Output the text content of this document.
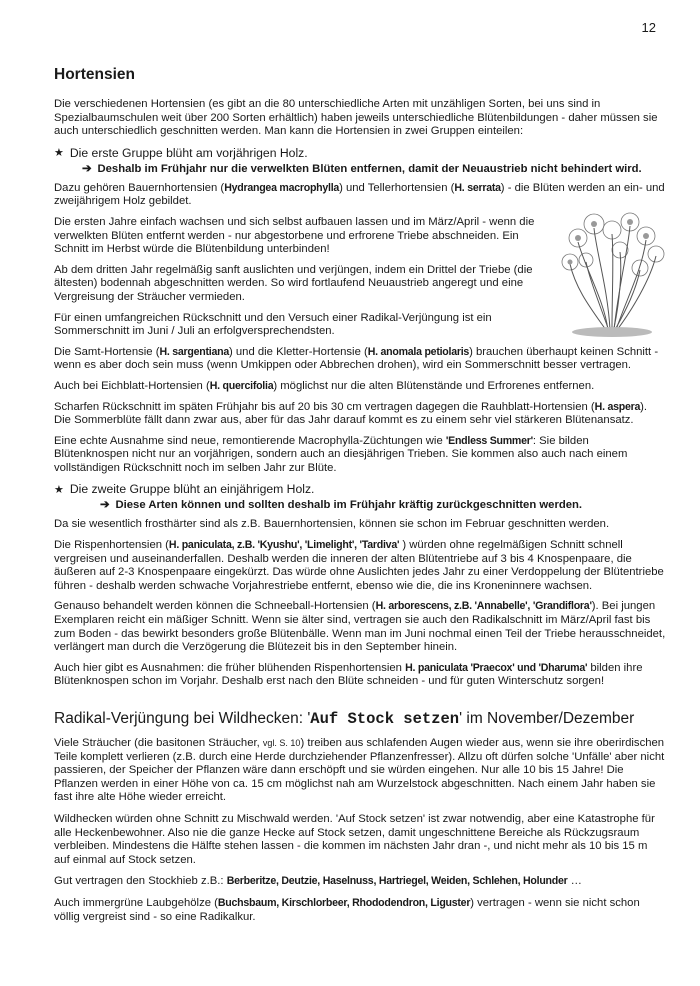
12
Hortensien

Die verschiedenen Hortensien (es gibt an die 80 unterschiedliche Arten mit unzähligen Sorten, bei uns sind in Spezialbaumschulen weit über 200 Sorten erhältlich) haben jeweils unterschiedliche Blütenbildungen - daher müssen sie auch unterschiedlich geschnitten werden. Man kann die Hortensien in zwei Gruppen einteilen:

★ Die erste Gruppe blüht am vorjährigen Holz.
➔ Deshalb im Frühjahr nur die verwelkten Blüten entfernen, damit der Neuaustrieb nicht behindert wird.

Dazu gehören Bauernhortensien (Hydrangea macrophylla) und Tellerhortensien (H. serrata) - die Blüten werden an ein- und zweijährigem Holz gebildet.

Die ersten Jahre einfach wachsen und sich selbst aufbauen lassen und im März/April - wenn die verwelkten Blüten entfernt werden - nur abgestorbene und erfrorene Triebe abschneiden. Ein Schnitt im Herbst würde die Blütenbildung unterbinden!

Ab dem dritten Jahr regelmäßig sanft auslichten und verjüngen, indem ein Drittel der Triebe (die ältesten) bodennah abgeschnitten werden. So wird fortlaufend Neuaustrieb angeregt und eine Vergreisung der Sträucher vermieden.

Für einen umfangreichen Rückschnitt und den Versuch einer Radikal-Verjüngung ist ein Sommerschnitt im Juni / Juli an erfolgversprechendsten.

Die Samt-Hortensie (H. sargentiana) und die Kletter-Hortensie (H. anomala petiolaris) brauchen überhaupt keinen Schnitt - wenn es aber doch sein muss (wenn Umkippen oder Abbrechen drohen), wird ein Sommerschnitt besser vertragen.

Auch bei Eichblatt-Hortensien (H. quercifolia) möglichst nur die alten Blütenstände und Erfrorenes entfernen.

Scharfen Rückschnitt im späten Frühjahr bis auf 20 bis 30 cm vertragen dagegen die Rauhblatt-Hortensien (H. aspera). Die Sommerblüte fällt dann zwar aus, aber für das Jahr darauf kommt es zu einem sehr viel stärkeren Blütenansatz.

Eine echte Ausnahme sind neue, remontierende Macrophylla-Züchtungen wie 'Endless Summer': Sie bilden Blütenknospen nicht nur an vorjährigen, sondern auch an diesjährigen Trieben. Sie kommen also auch nach einem vollständigen Rückschnitt noch im selben Jahr zur Blüte.

★ Die zweite Gruppe blüht an einjährigem Holz.
➔ Diese Arten können und sollten deshalb im Frühjahr kräftig zurückgeschnitten werden.

Da sie wesentlich frosthärter sind als z.B. Bauernhortensien, können sie schon im Februar geschnitten werden.

Die Rispenhortensien (H. paniculata, z.B. 'Kyushu', 'Limelight', 'Tardiva' ) würden ohne regelmäßigen Schnitt schnell vergreisen und auseinanderfallen. Deshalb werden die inneren der alten Blütentriebe auf 3 bis 4 Knospenpaare, die äußeren auf 2-3 Knospenpaare eingekürzt. Das würde ohne Auslichten jedes Jahr zu einer Verdoppelung der Blütentriebe führen - deshalb werden schwache Vorjahrestriebe entfernt, ebenso wie die, die ins Kroneninnere wachsen.

Genauso behandelt werden können die Schneeball-Hortensien (H. arborescens, z.B. 'Annabelle', 'Grandiflora'). Bei jungen Exemplaren reicht ein mäßiger Schnitt. Wenn sie älter sind, vertragen sie auch den Radikalschnitt im März/April fast bis zum Boden - das bewirkt besonders große Blütenbälle. Wenn man im Juni nochmal einen Teil der Triebe herausschneidet, verlängert man durch die Verzögerung die Blütezeit bis in den September hinein.

Auch hier gibt es Ausnahmen: die früher blühenden Rispenhortensien H. paniculata 'Praecox' und 'Dharuma' bilden ihre Blütenknospen schon im Vorjahr. Deshalb erst nach den Blüte schneiden - und für guten Winterschutz sorgen!

Radikal-Verjüngung bei Wildhecken: 'Auf Stock setzen' im November/Dezember

Viele Sträucher (die basitonen Sträucher, vgl. S. 10) treiben aus schlafenden Augen wieder aus, wenn sie ihre oberirdischen Teile komplett verlieren (z.B. durch eine Herde durchziehender Pflanzenfresser). Allzu oft dürfen solche 'Unfälle' aber nicht passieren, der Speicher der Pflanzen wäre dann erschöpft und sie würden eingehen. Nur alle 10 bis 15 Jahre! Die Pflanzen werden in einer Höhe von ca. 15 cm möglichst nah am Wurzelstock abgeschnitten. Nach einem Jahr haben sie fast ihre alte Höhe wieder erreicht.

Wildhecken würden ohne Schnitt zu Mischwald werden. 'Auf Stock setzen' ist zwar notwendig, aber eine Katastrophe für alle Heckenbewohner. Also nie die ganze Hecke auf Stock setzen, damit ungeschnittene Bereiche als Rückzugsraum verbleiben. Mindestens die Hälfte stehen lassen - die kommen im nächsten Jahr dran -, und nicht mehr als 10 bis 15 m auf einmal auf Stock setzen.

Gut vertragen den Stockhieb z.B.: Berberitze, Deutzie, Haselnuss, Hartriegel, Weiden, Schlehen, Holunder …

Auch immergrüne Laubgehölze (Buchsbaum, Kirschlorbeer, Rhododendron, Liguster) vertragen - wenn sie nicht schon völlig vergreist sind - so eine Radikalkur.
